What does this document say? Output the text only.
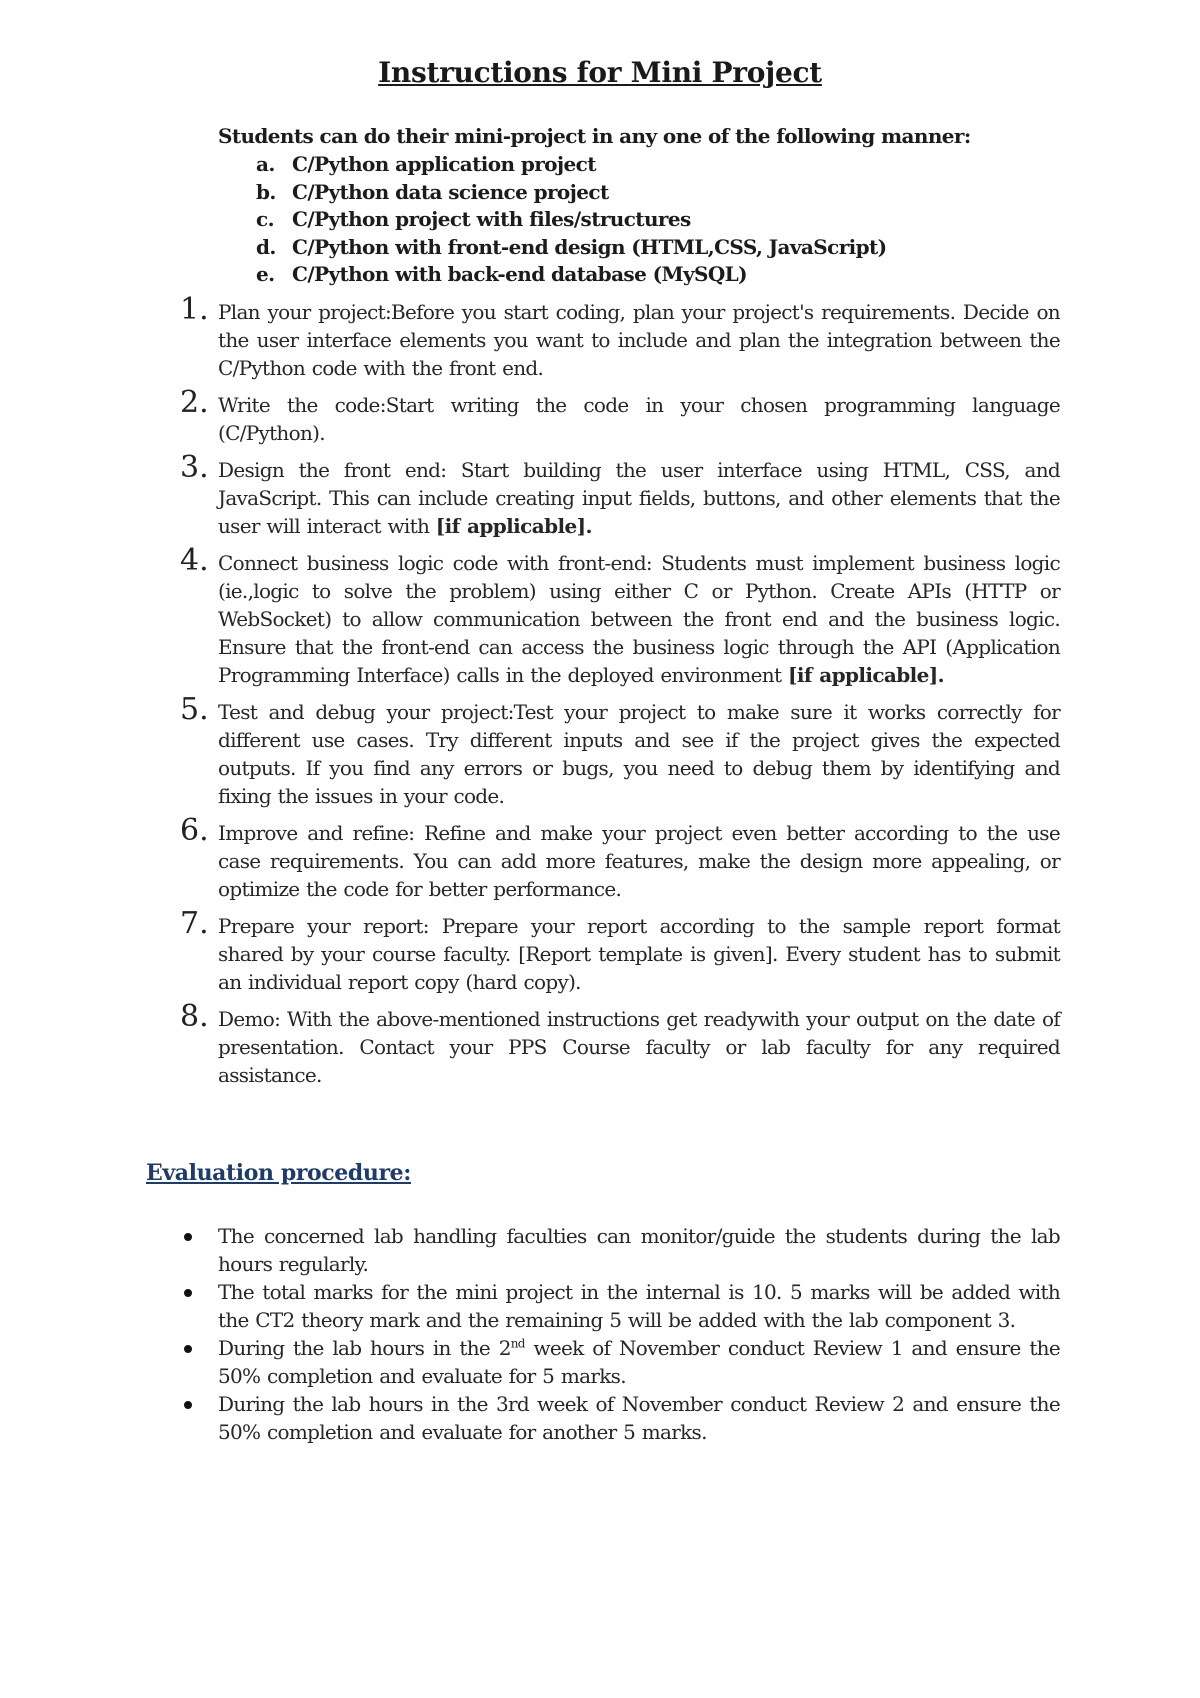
Instructions for Mini Project
Students can do their mini-project in any one of the following manner:
a. C/Python application project
b. C/Python data science project
c. C/Python project with files/structures
d. C/Python with front-end design (HTML,CSS, JavaScript)
e. C/Python with back-end database (MySQL)
1. Plan your project:Before you start coding, plan your project's requirements. Decide on the user interface elements you want to include and plan the integration between the C/Python code with the front end.
2. Write the code:Start writing the code in your chosen programming language (C/Python).
3. Design the front end: Start building the user interface using HTML, CSS, and JavaScript. This can include creating input fields, buttons, and other elements that the user will interact with [if applicable].
4. Connect business logic code with front-end: Students must implement business logic (ie.,logic to solve the problem) using either C or Python. Create APIs (HTTP or WebSocket) to allow communication between the front end and the business logic. Ensure that the front-end can access the business logic through the API (Application Programming Interface) calls in the deployed environment [if applicable].
5. Test and debug your project:Test your project to make sure it works correctly for different use cases. Try different inputs and see if the project gives the expected outputs. If you find any errors or bugs, you need to debug them by identifying and fixing the issues in your code.
6. Improve and refine: Refine and make your project even better according to the use case requirements. You can add more features, make the design more appealing, or optimize the code for better performance.
7. Prepare your report: Prepare your report according to the sample report format shared by your course faculty. [Report template is given]. Every student has to submit an individual report copy (hard copy).
8. Demo: With the above-mentioned instructions get readywith your output on the date of presentation. Contact your PPS Course faculty or lab faculty for any required assistance.
Evaluation procedure:
The concerned lab handling faculties can monitor/guide the students during the lab hours regularly.
The total marks for the mini project in the internal is 10. 5 marks will be added with the CT2 theory mark and the remaining 5 will be added with the lab component 3.
During the lab hours in the 2nd week of November conduct Review 1 and ensure the 50% completion and evaluate for 5 marks.
During the lab hours in the 3rd week of November conduct Review 2 and ensure the 50% completion and evaluate for another 5 marks.
